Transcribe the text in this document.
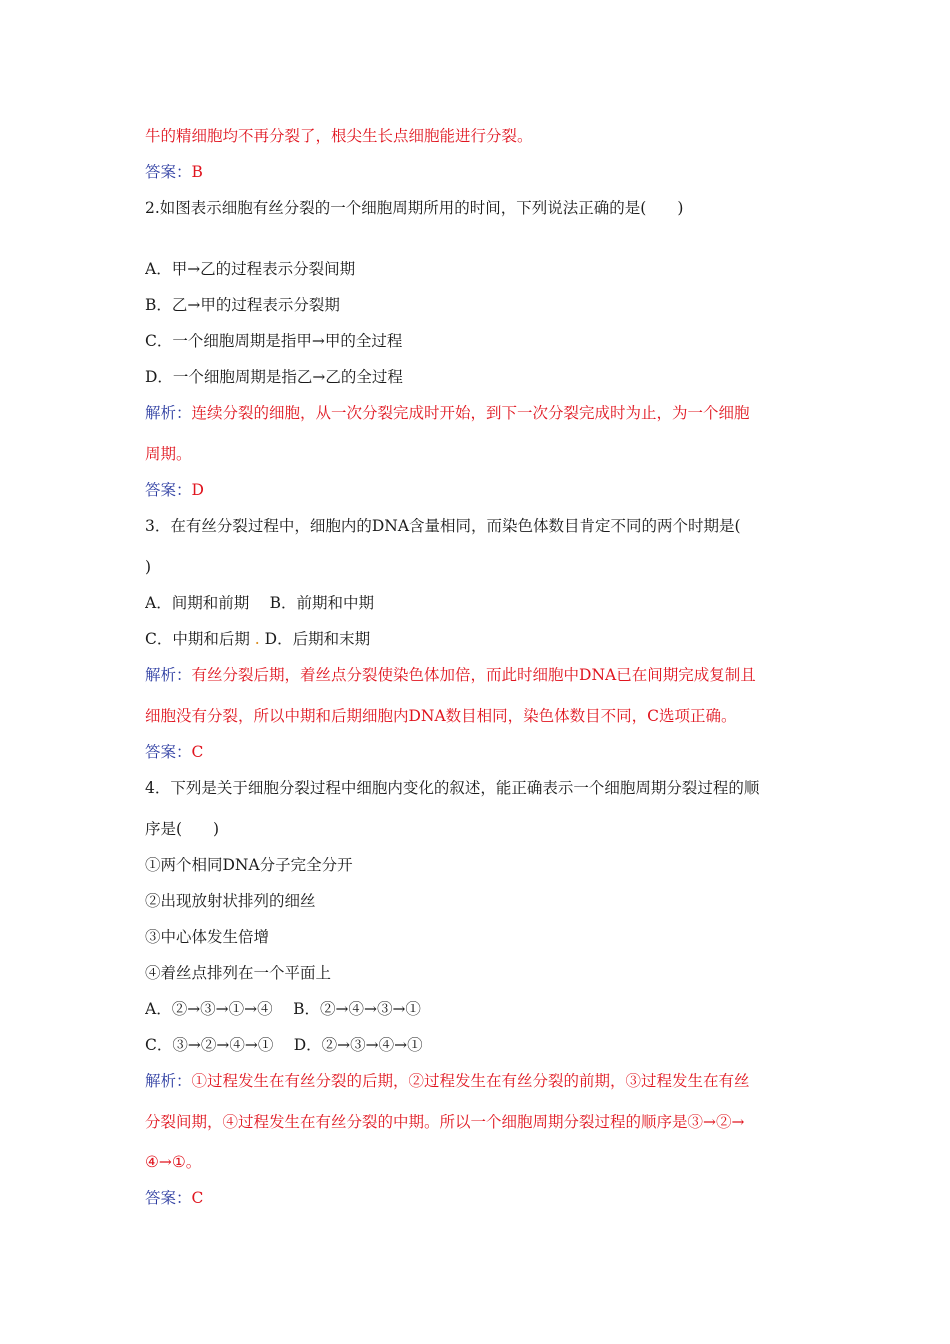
牛的精细胞均不再分裂了，根尖生长点细胞能进行分裂。
答案：B
2.如图表示细胞有丝分裂的一个细胞周期所用的时间，下列说法正确的是(　　)
A．甲→乙的过程表示分裂间期
B．乙→甲的过程表示分裂期
C．一个细胞周期是指甲→甲的全过程
D．一个细胞周期是指乙→乙的全过程
解析：连续分裂的细胞，从一次分裂完成时开始，到下一次分裂完成时为止，为一个细胞
周期。
答案：D
3．在有丝分裂过程中，细胞内的DNA含量相同，而染色体数目肯定不同的两个时期是(
)
A．间期和前期　 B．前期和中期
C．中期和后期 . D．后期和末期
解析：有丝分裂后期，着丝点分裂使染色体加倍，而此时细胞中DNA已在间期完成复制且
细胞没有分裂，所以中期和后期细胞内DNA数目相同，染色体数目不同，C选项正确。
答案：C
4．下列是关于细胞分裂过程中细胞内变化的叙述，能正确表示一个细胞周期分裂过程的顺
序是(　　)
①两个相同DNA分子完全分开
②出现放射状排列的细丝
③中心体发生倍增
④着丝点排列在一个平面上
A．②→③→①→④　 B．②→④→③→①
C．③→②→④→①　 D．②→③→④→①
解析：①过程发生在有丝分裂的后期，②过程发生在有丝分裂的前期，③过程发生在有丝
分裂间期，④过程发生在有丝分裂的中期。所以一个细胞周期分裂过程的顺序是③→②→
④→①。
答案：C
